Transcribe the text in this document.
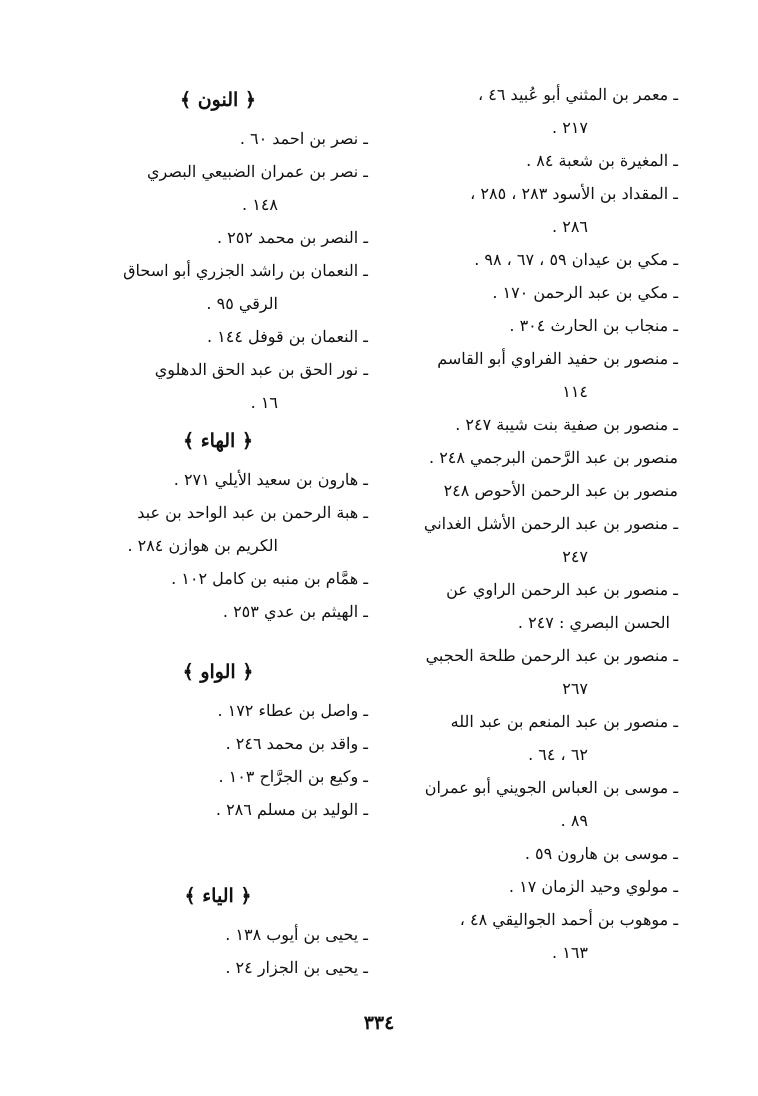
ـ معمر بن المثني أبو عُبيد ٤٦ ،
٢١٧ .
ـ المغيرة بن شعبة ٨٤ .
ـ المقداد بن الأسود ٢٨٣ ، ٢٨٥ ،
٢٨٦ .
ـ مكي بن عيدان ٥٩ ، ٦٧ ، ٩٨ .
ـ مكي بن عبد الرحمن ١٧٠ .
ـ منجاب بن الحارث ٣٠٤ .
ـ منصور بن حفيد الفراوي أبو القاسم
١١٤
ـ منصور بن صفية بنت شيبة ٢٤٧ .
منصور بن عبد الرَّحمن البرجمي ٢٤٨ .
منصور بن عبد الرحمن الأحوص ٢٤٨
ـ منصور بن عبد الرحمن الأشل الغداني
٢٤٧
ـ منصور بن عبد الرحمن الراوي عن
الحسن البصري : ٢٤٧ .
ـ منصور بن عبد الرحمن طلحة الحجبي
٢٦٧
ـ منصور بن عبد المنعم بن عبد الله
٦٢ ، ٦٤ .
ـ موسى بن العباس الجويني أبو عمران
٨٩ .
ـ موسى بن هارون ٥٩ .
ـ مولوي وحيد الزمان ١٧ .
ـ موهوب بن أحمد الجواليقي ٤٨ ،
١٦٣ .
﴿ النون ﴾
ـ نصر بن احمد ٦٠ .
ـ نصر بن عمران الضبيعي البصري
١٤٨ .
ـ النصر بن محمد ٢٥٢ .
ـ النعمان بن راشد الجزري أبو اسحاق
الرقي ٩٥ .
ـ النعمان بن قوفل ١٤٤ .
ـ نور الحق بن عبد الحق الدهلوي
١٦ .
﴿ الهاء ﴾
ـ هارون بن سعيد الأيلي ٢٧١ .
ـ هبة الرحمن بن عبد الواحد بن عبد
الكريم بن هوازن ٢٨٤ .
ـ همَّام بن منبه بن كامل ١٠٢ .
ـ الهيثم بن عدي ٢٥٣ .
﴿ الواو ﴾
ـ واصل بن عطاء ١٧٢ .
ـ واقد بن محمد ٢٤٦ .
ـ وكيع بن الجرَّاح ١٠٣ .
ـ الوليد بن مسلم ٢٨٦ .
﴿ الياء ﴾
ـ يحيى بن أيوب ١٣٨ .
ـ يحيى بن الجزار ٢٤ .
٣٣٤
